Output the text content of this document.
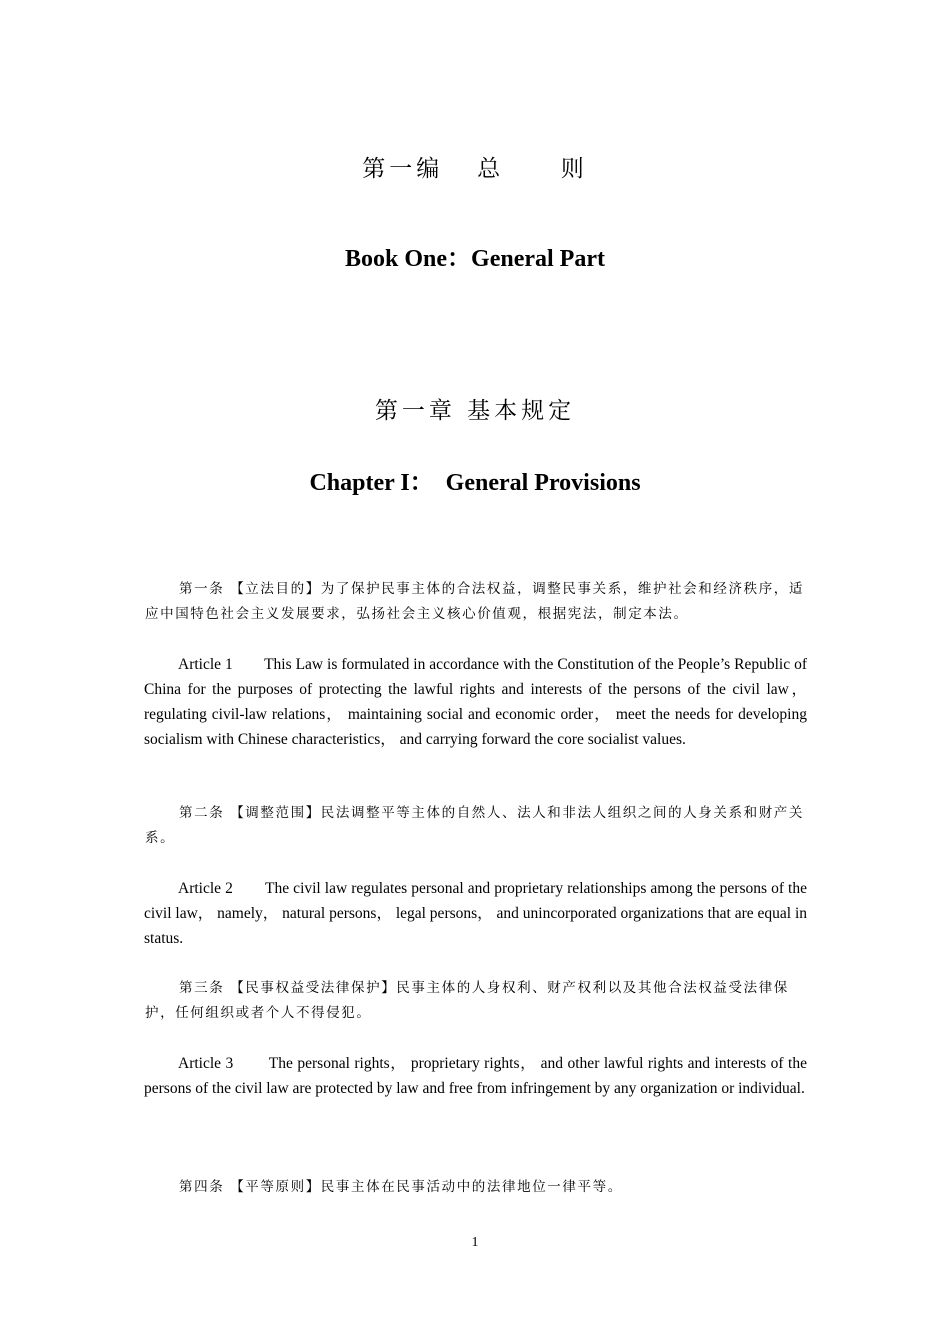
第一编   总     则
Book One：General Part
第一章 基本规定
Chapter I：  General Provisions

第一条 【立法目的】为了保护民事主体的合法权益，调整民事关系，维护社会和经济秩序，适应中国特色社会主义发展要求，弘扬社会主义核心价值观，根据宪法，制定本法。

Article 1 This Law is formulated in accordance with the Constitution of the People’s Republic of China for the purposes of protecting the lawful rights and interests of the persons of the civil law， regulating civil-law relations， maintaining social and economic order， meet the needs for developing socialism with Chinese characteristics， and carrying forward the core socialist values.

第二条 【调整范围】民法调整平等主体的自然人、法人和非法人组织之间的人身关系和财产关系。

Article 2 The civil law regulates personal and proprietary relationships among the persons of the civil law， namely， natural persons， legal persons， and unincorporated organizations that are equal in status.

第三条 【民事权益受法律保护】民事主体的人身权利、财产权利以及其他合法权益受法律保护，任何组织或者个人不得侵犯。

Article 3 The personal rights， proprietary rights， and other lawful rights and interests of the persons of the civil law are protected by law and free from infringement by any organization or individual.

第四条 【平等原则】民事主体在民事活动中的法律地位一律平等。

1
